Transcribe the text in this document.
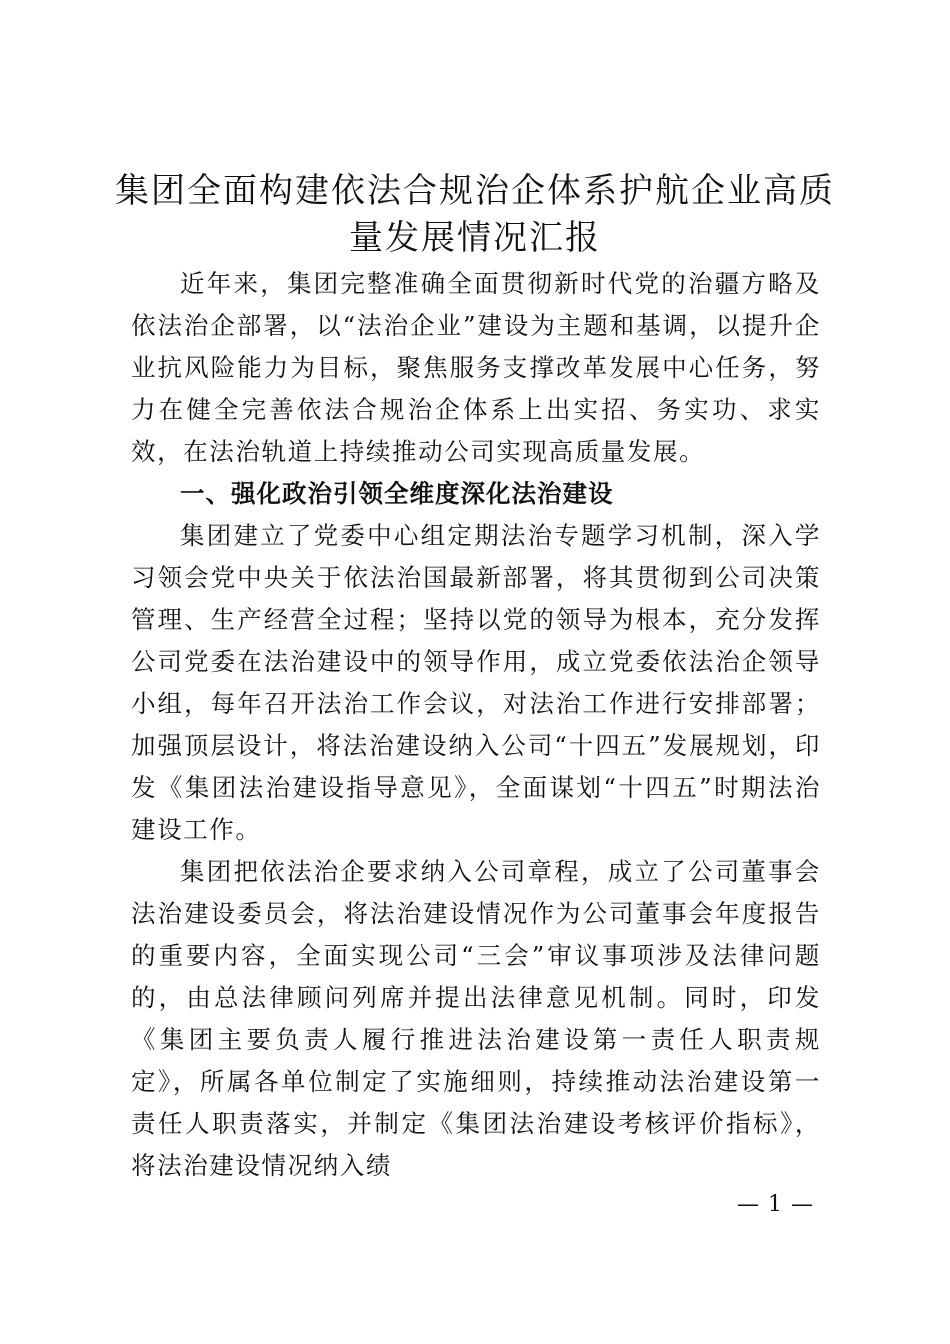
集团全面构建依法合规治企体系护航企业高质
量发展情况汇报

近年来，集团完整准确全面贯彻新时代党的治疆方略及依法治企部署，以“法治企业”建设为主题和基调，以提升企业抗风险能力为目标，聚焦服务支撑改革发展中心任务，努力在健全完善依法合规治企体系上出实招、务实功、求实效，在法治轨道上持续推动公司实现高质量发展。

一、强化政治引领全维度深化法治建设

集团建立了党委中心组定期法治专题学习机制，深入学习领会党中央关于依法治国最新部署，将其贯彻到公司决策管理、生产经营全过程；坚持以党的领导为根本，充分发挥公司党委在法治建设中的领导作用，成立党委依法治企领导小组，每年召开法治工作会议，对法治工作进行安排部署；加强顶层设计，将法治建设纳入公司“十四五”发展规划，印发《集团法治建设指导意见》，全面谋划“十四五”时期法治建设工作。

集团把依法治企要求纳入公司章程，成立了公司董事会法治建设委员会，将法治建设情况作为公司董事会年度报告的重要内容，全面实现公司“三会”审议事项涉及法律问题的，由总法律顾问列席并提出法律意见机制。同时，印发《集团主要负责人履行推进法治建设第一责任人职责规定》，所属各单位制定了实施细则，持续推动法治建设第一责任人职责落实，并制定《集团法治建设考核评价指标》，将法治建设情况纳入绩

— 1 —
